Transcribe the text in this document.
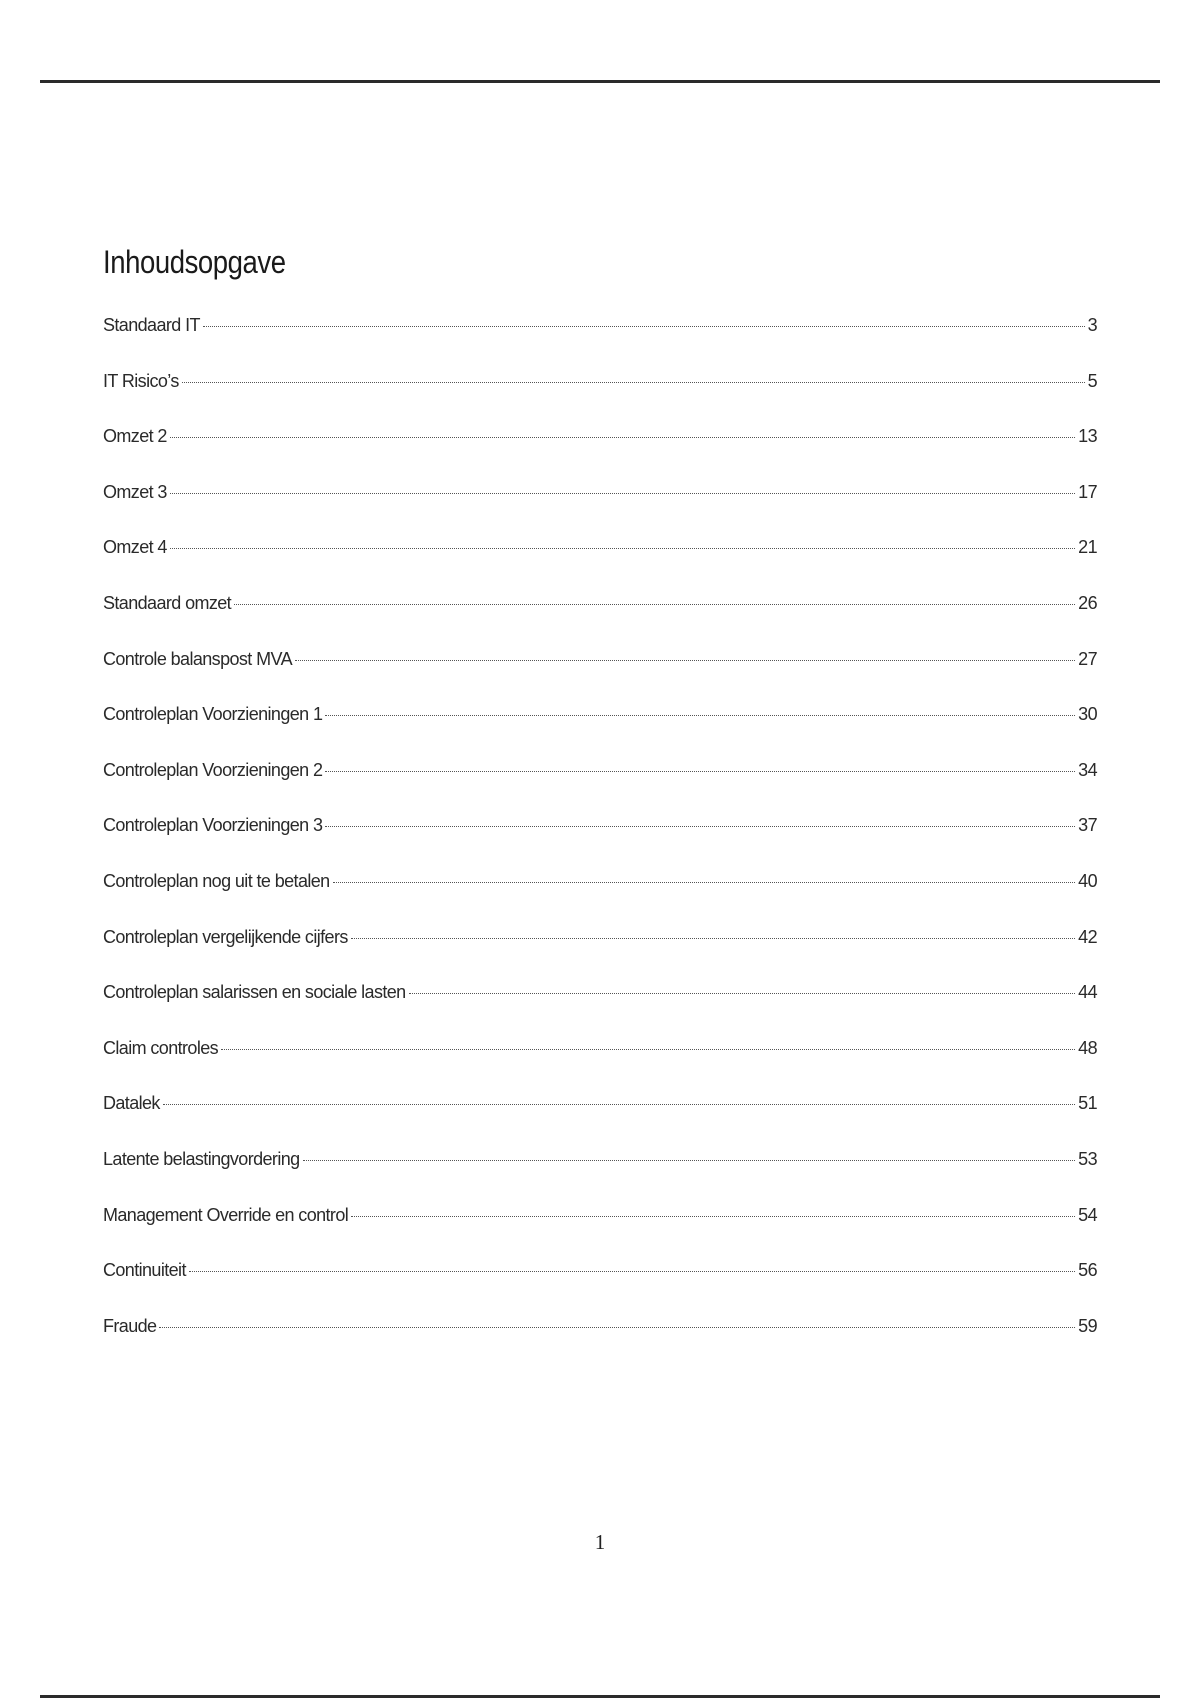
Inhoudsopgave
Standaard IT	3
IT Risico’s	5
Omzet 2	13
Omzet 3	17
Omzet 4	21
Standaard omzet	26
Controle balanspost MVA	27
Controleplan Voorzieningen 1	30
Controleplan Voorzieningen 2	34
Controleplan Voorzieningen 3	37
Controleplan nog uit te betalen	40
Controleplan vergelijkende cijfers	42
Controleplan salarissen en sociale lasten	44
Claim controles	48
Datalek	51
Latente belastingvordering	53
Management Override en control	54
Continuiteit	56
Fraude	59
1
